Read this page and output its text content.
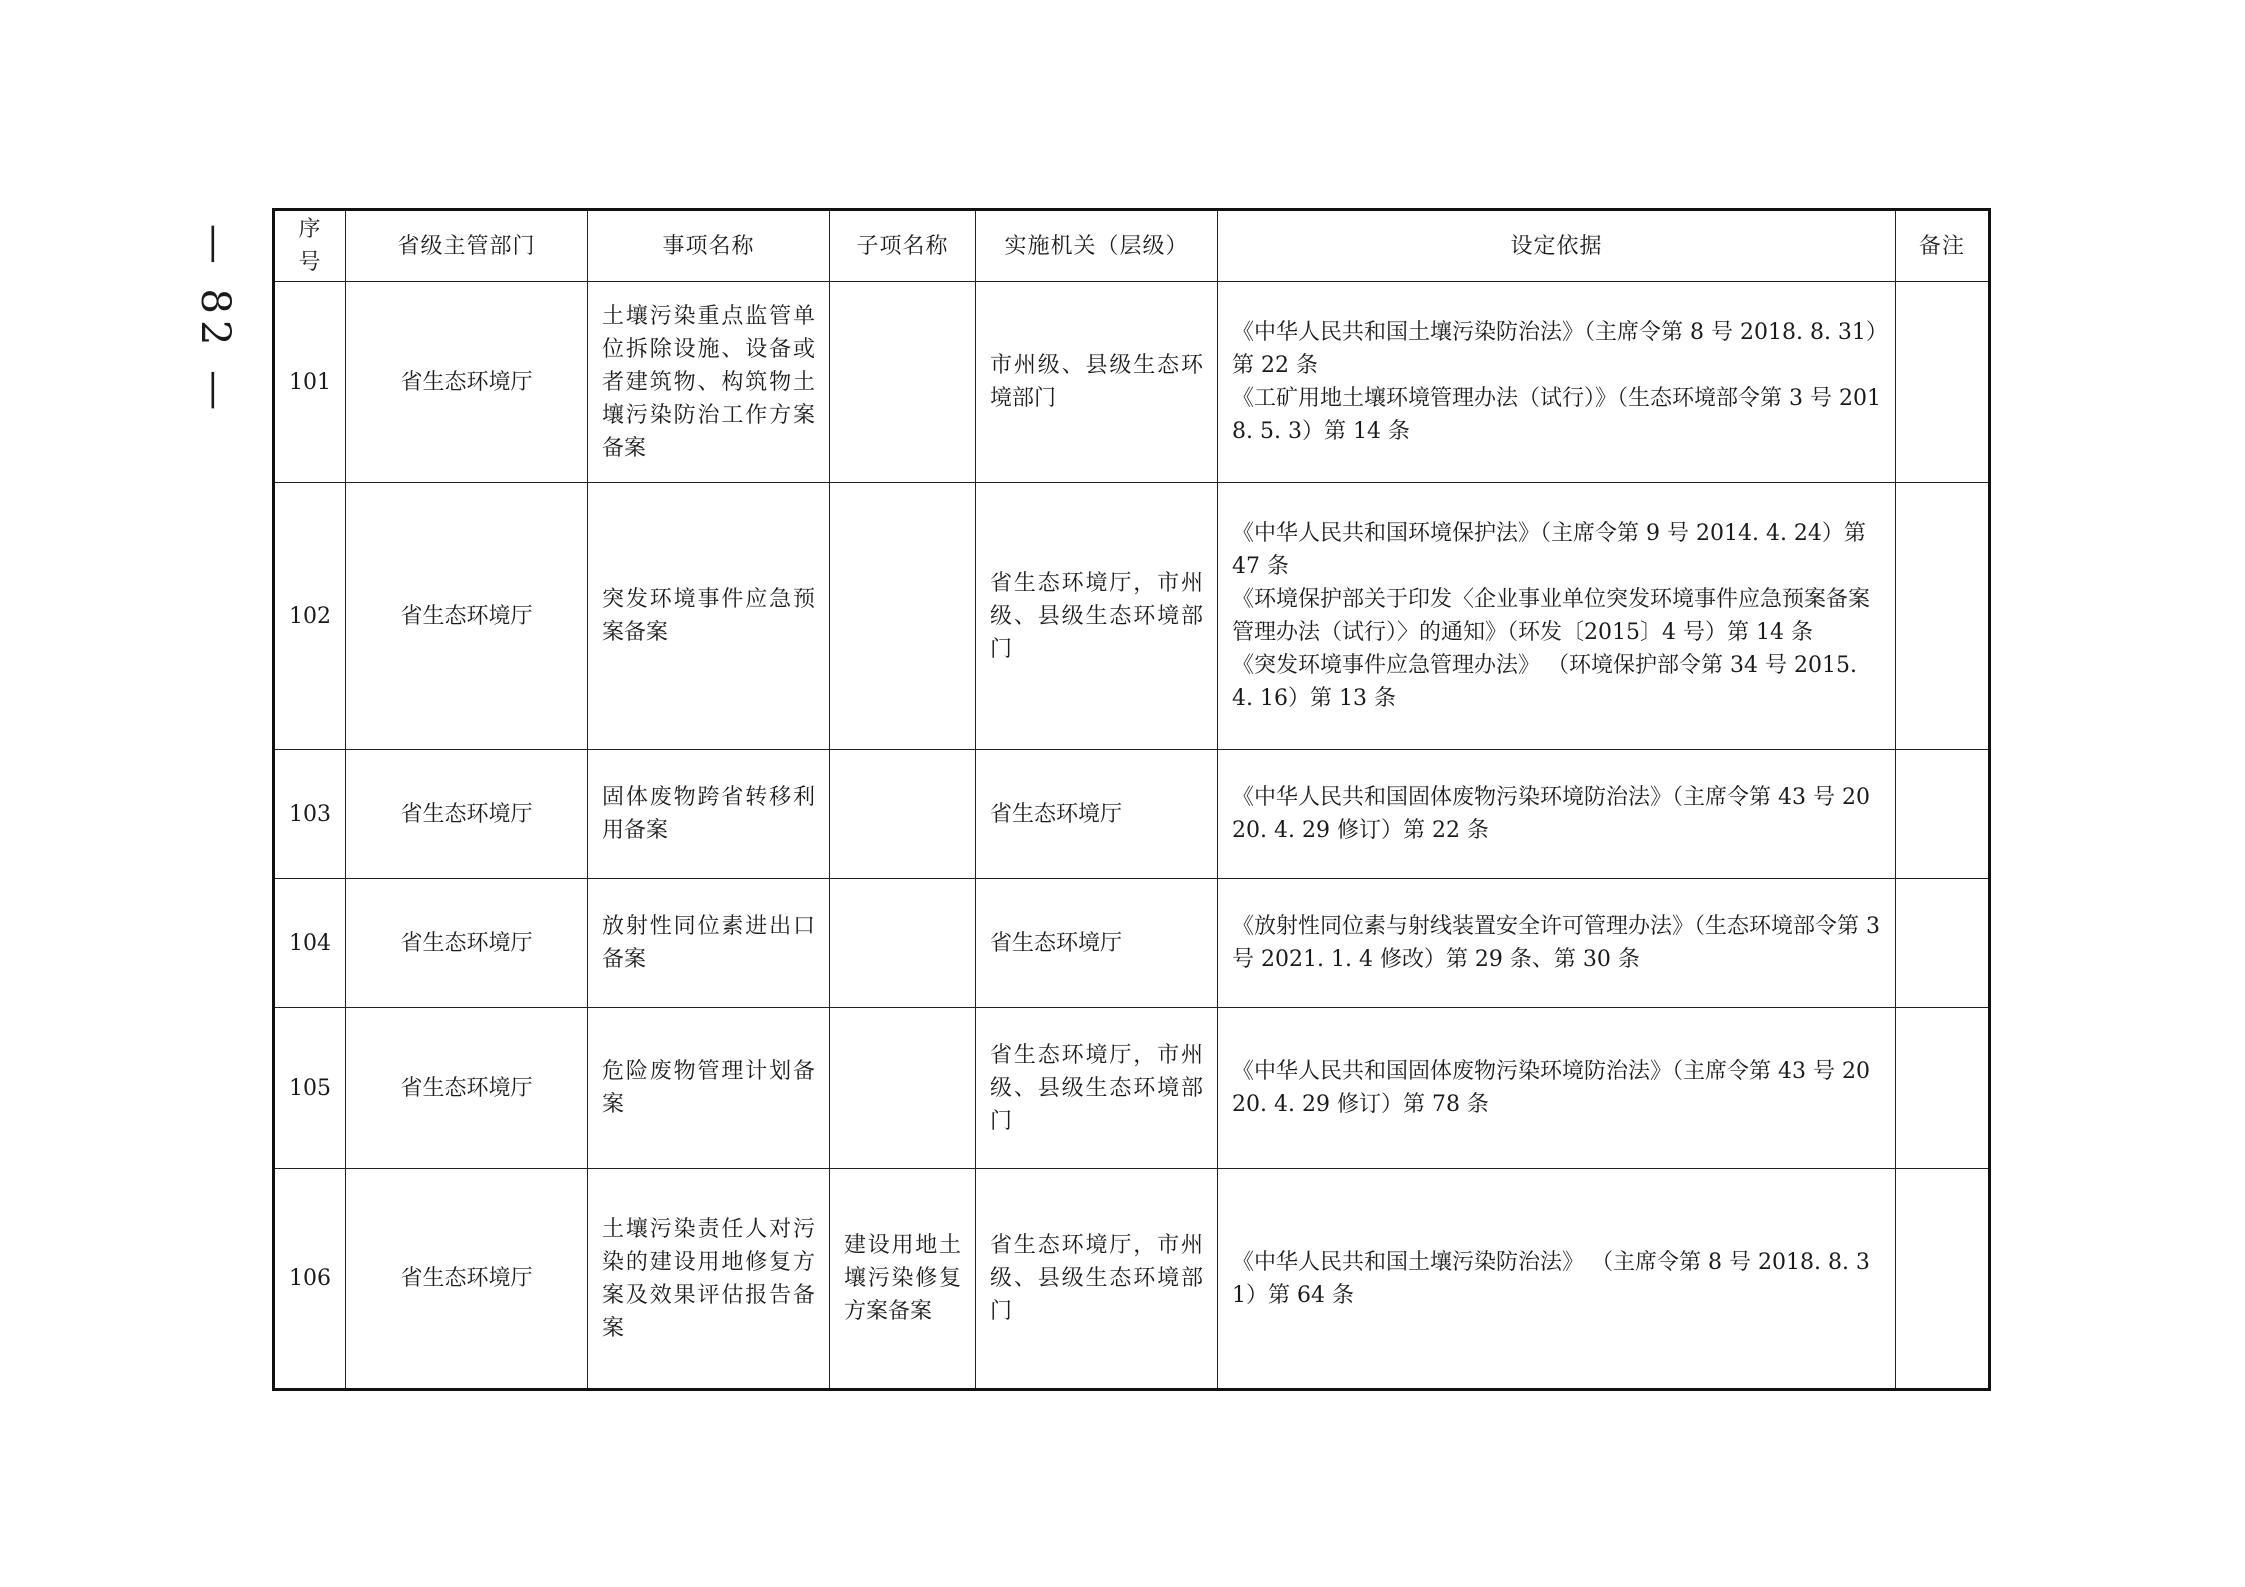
— 82 —	序号	省级主管部门	事项名称	子项名称	实施机关（层级）	设定依据	备注
101	省生态环境厅	土壤污染重点监管单位拆除设施、设备或者建筑物、构筑物土壤污染防治工作方案备案		市州级、县级生态环境部门	《中华人民共和国土壤污染防治法》（主席令第 8 号 2018. 8. 31）第 22 条
《工矿用地土壤环境管理办法（试行）》（生态环境部令第 3 号 2018. 5. 3）第 14 条	

102	省生态环境厅	突发环境事件应急预案备案		省生态环境厅，市州级、县级生态环境部门	《中华人民共和国环境保护法》（主席令第 9 号 2014. 4. 24）第 47 条
《环境保护部关于印发〈企业事业单位突发环境事件应急预案备案管理办法（试行）〉的通知》（环发〔2015〕4 号）第 14 条
《突发环境事件应急管理办法》 （环境保护部令第 34 号 2015. 4. 16）第 13 条	

103	省生态环境厅	固体废物跨省转移利用备案		省生态环境厅	《中华人民共和国固体废物污染环境防治法》（主席令第 43 号 2020. 4. 29 修订）第 22 条	

104	省生态环境厅	放射性同位素进出口备案		省生态环境厅	《放射性同位素与射线装置安全许可管理办法》（生态环境部令第 3 号 2021. 1. 4 修改）第 29 条、第 30 条	

105	省生态环境厅	危险废物管理计划备案		省生态环境厅，市州级、县级生态环境部门	《中华人民共和国固体废物污染环境防治法》（主席令第 43 号 2020. 4. 29 修订）第 78 条	

106	省生态环境厅	土壤污染责任人对污染的建设用地修复方案及效果评估报告备案	建设用地土壤污染修复方案备案	省生态环境厅，市州级、县级生态环境部门	《中华人民共和国土壤污染防治法》 （主席令第 8 号 2018. 8. 31）第 64 条	
